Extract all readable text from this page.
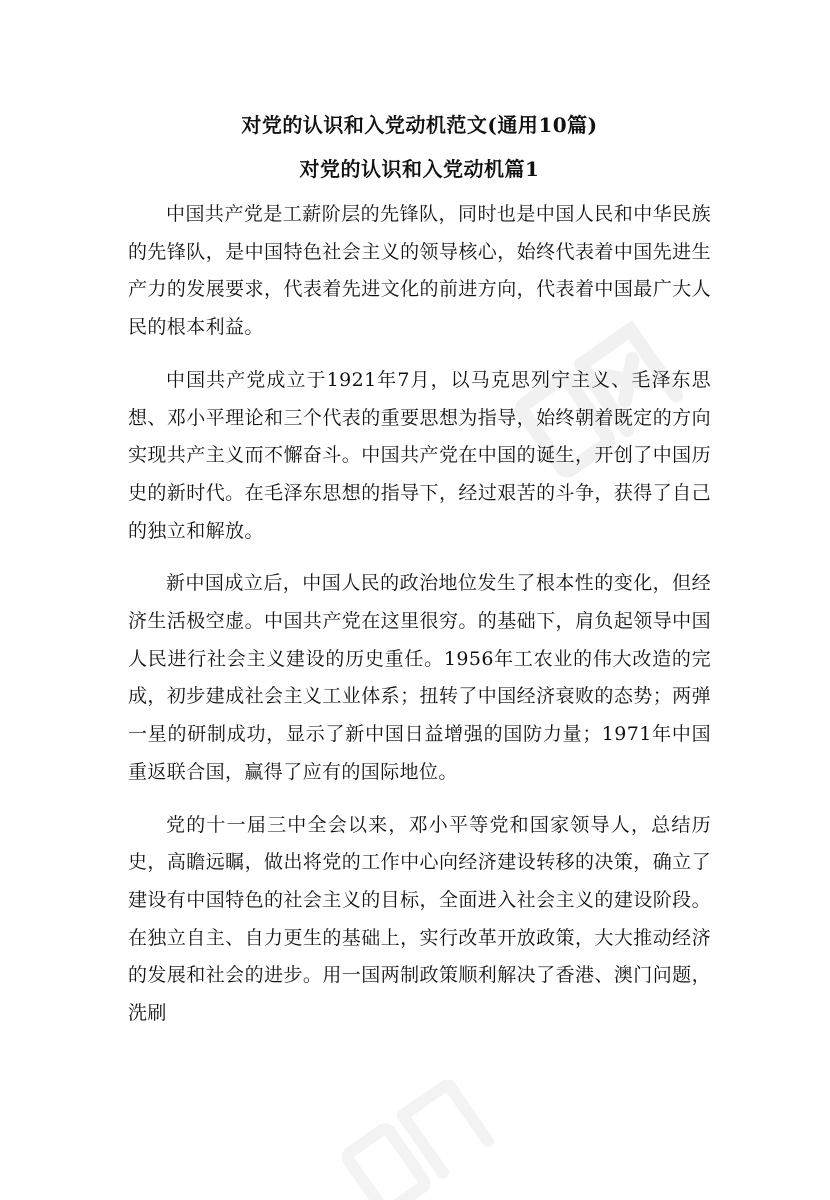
对党的认识和入党动机范文(通用10篇)
对党的认识和入党动机篇1

中国共产党是工薪阶层的先锋队，同时也是中国人民和中华民族的先锋队，是中国特色社会主义的领导核心，始终代表着中国先进生产力的发展要求，代表着先进文化的前进方向，代表着中国最广大人民的根本利益。

中国共产党成立于1921年7月，以马克思列宁主义、毛泽东思想、邓小平理论和三个代表的重要思想为指导，始终朝着既定的方向实现共产主义而不懈奋斗。中国共产党在中国的诞生，开创了中国历史的新时代。在毛泽东思想的指导下，经过艰苦的斗争，获得了自己的独立和解放。

新中国成立后，中国人民的政治地位发生了根本性的变化，但经济生活极空虚。中国共产党在这里很穷。的基础下，肩负起领导中国人民进行社会主义建设的历史重任。1956年工农业的伟大改造的完成，初步建成社会主义工业体系；扭转了中国经济衰败的态势；两弹一星的研制成功，显示了新中国日益增强的国防力量；1971年中国重返联合国，赢得了应有的国际地位。

党的十一届三中全会以来，邓小平等党和国家领导人，总结历史，高瞻远瞩，做出将党的工作中心向经济建设转移的决策，确立了建设有中国特色的社会主义的目标，全面进入社会主义的建设阶段。在独立自主、自力更生的基础上，实行改革开放政策，大大推动经济的发展和社会的进步。用一国两制政策顺利解决了香港、澳门问题，洗刷
